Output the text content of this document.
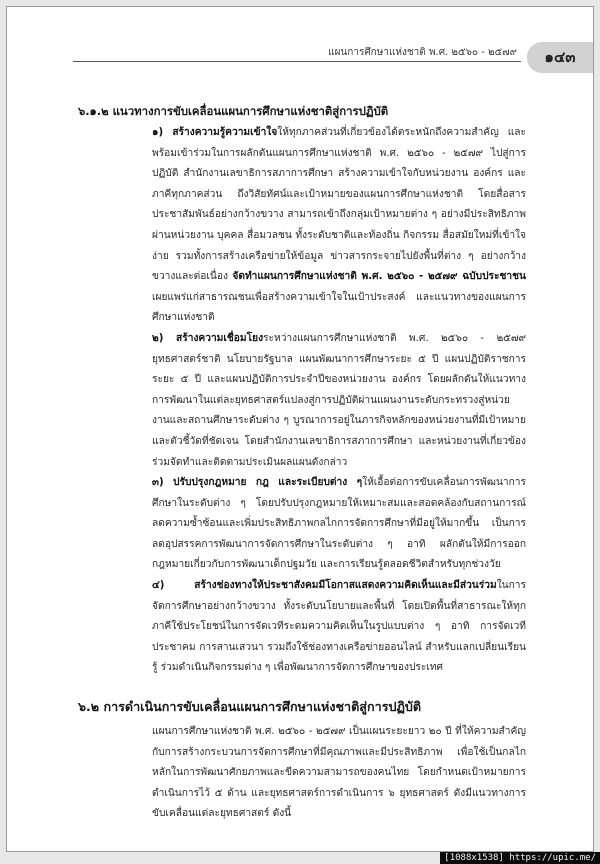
แผนการศึกษาแห่งชาติ พ.ศ. ๒๕๖๐ - ๒๕๗๙	๑๔๓
๖.๑.๒ แนวทางการขับเคลื่อนแผนการศึกษาแห่งชาติสู่การปฏิบัติ

๑) สร้างความรู้ความเข้าใจให้ทุกภาคส่วนที่เกี่ยวข้องได้ตระหนักถึงความสำคัญ และพร้อมเข้าร่วมในการผลักดันแผนการศึกษาแห่งชาติ พ.ศ. ๒๕๖๐ - ๒๕๗๙ ไปสู่การปฏิบัติ สำนักงานเลขาธิการสภาการศึกษา สร้างความเข้าใจกับหน่วยงาน องค์กร และภาคีทุกภาคส่วน ถึงวิสัยทัศน์และเป้าหมายของแผนการศึกษาแห่งชาติ โดยสื่อสารประชาสัมพันธ์อย่างกว้างขวาง สามารถเข้าถึงกลุ่มเป้าหมายต่าง ๆ อย่างมีประสิทธิภาพ ผ่านหน่วยงาน บุคคล สื่อมวลชน ทั้งระดับชาติและท้องถิ่น กิจกรรม สื่อสมัยใหม่ที่เข้าใจง่าย รวมทั้งการสร้างเครือข่ายให้ข้อมูล ข่าวสารกระจายไปยังพื้นที่ต่าง ๆ อย่างกว้างขวางและต่อเนื่อง จัดทำแผนการศึกษาแห่งชาติ พ.ศ. ๒๕๖๐ - ๒๕๗๙ ฉบับประชาชน เผยแพร่แก่สาธารณชนเพื่อสร้างความเข้าใจในเป้าประสงค์ และแนวทางของแผนการศึกษาแห่งชาติ

๒) สร้างความเชื่อมโยงระหว่างแผนการศึกษาแห่งชาติ พ.ศ. ๒๕๖๐ - ๒๕๗๙ ยุทธศาสตร์ชาติ นโยบายรัฐบาล แผนพัฒนาการศึกษาระยะ ๕ ปี แผนปฏิบัติราชการระยะ ๕ ปี และแผนปฏิบัติการประจำปีของหน่วยงาน องค์กร โดยผลักดันให้แนวทางการพัฒนาในแต่ละยุทธศาสตร์แปลงสู่การปฏิบัติผ่านแผนงานระดับกระทรวงสู่หน่วยงานและสถานศึกษาระดับต่าง ๆ บูรณาการอยู่ในภารกิจหลักของหน่วยงานที่มีเป้าหมายและตัวชี้วัดที่ชัดเจน โดยสำนักงานเลขาธิการสภาการศึกษา และหน่วยงานที่เกี่ยวข้องร่วมจัดทำและติดตามประเมินผลแผนดังกล่าว

๓) ปรับปรุงกฎหมาย กฎ และระเบียบต่าง ๆให้เอื้อต่อการขับเคลื่อนการพัฒนาการศึกษาในระดับต่าง ๆ โดยปรับปรุงกฎหมายให้เหมาะสมและสอดคล้องกับสถานการณ์ ลดความซ้ำซ้อนและเพิ่มประสิทธิภาพกลไกการจัดการศึกษาที่มีอยู่ให้มากขึ้น เป็นการลดอุปสรรคการพัฒนาการจัดการศึกษาในระดับต่าง ๆ อาทิ ผลักดันให้มีการออกกฎหมายเกี่ยวกับการพัฒนาเด็กปฐมวัย และการเรียนรู้ตลอดชีวิตสำหรับทุกช่วงวัย

๔) สร้างช่องทางให้ประชาสังคมมีโอกาสแสดงความคิดเห็นและมีส่วนร่วมในการจัดการศึกษาอย่างกว้างขวาง ทั้งระดับนโยบายและพื้นที่ โดยเปิดพื้นที่สาธารณะให้ทุกภาคีใช้ประโยชน์ในการจัดเวทีระดมความคิดเห็นในรูปแบบต่าง ๆ อาทิ การจัดเวทีประชาคม การสานเสวนา รวมถึงใช้ช่องทางเครือข่ายออนไลน์ สำหรับแลกเปลี่ยนเรียนรู้ ร่วมดำเนินกิจกรรมต่าง ๆ เพื่อพัฒนาการจัดการศึกษาของประเทศ

๖.๒ การดำเนินการขับเคลื่อนแผนการศึกษาแห่งชาติสู่การปฏิบัติ

แผนการศึกษาแห่งชาติ พ.ศ. ๒๕๖๐ - ๒๕๗๙ เป็นแผนระยะยาว ๒๐ ปี ที่ให้ความสำคัญกับการสร้างกระบวนการจัดการศึกษาที่มีคุณภาพและมีประสิทธิภาพ เพื่อใช้เป็นกลไกหลักในการพัฒนาศักยภาพและขีดความสามารถของคนไทย โดยกำหนดเป้าหมายการดำเนินการไว้ ๕ ด้าน และยุทธศาสตร์การดำเนินการ ๖ ยุทธศาสตร์ ดังมีแนวทางการขับเคลื่อนแต่ละยุทธศาสตร์ ดังนี้

[1088x1538] https://upic.me/
